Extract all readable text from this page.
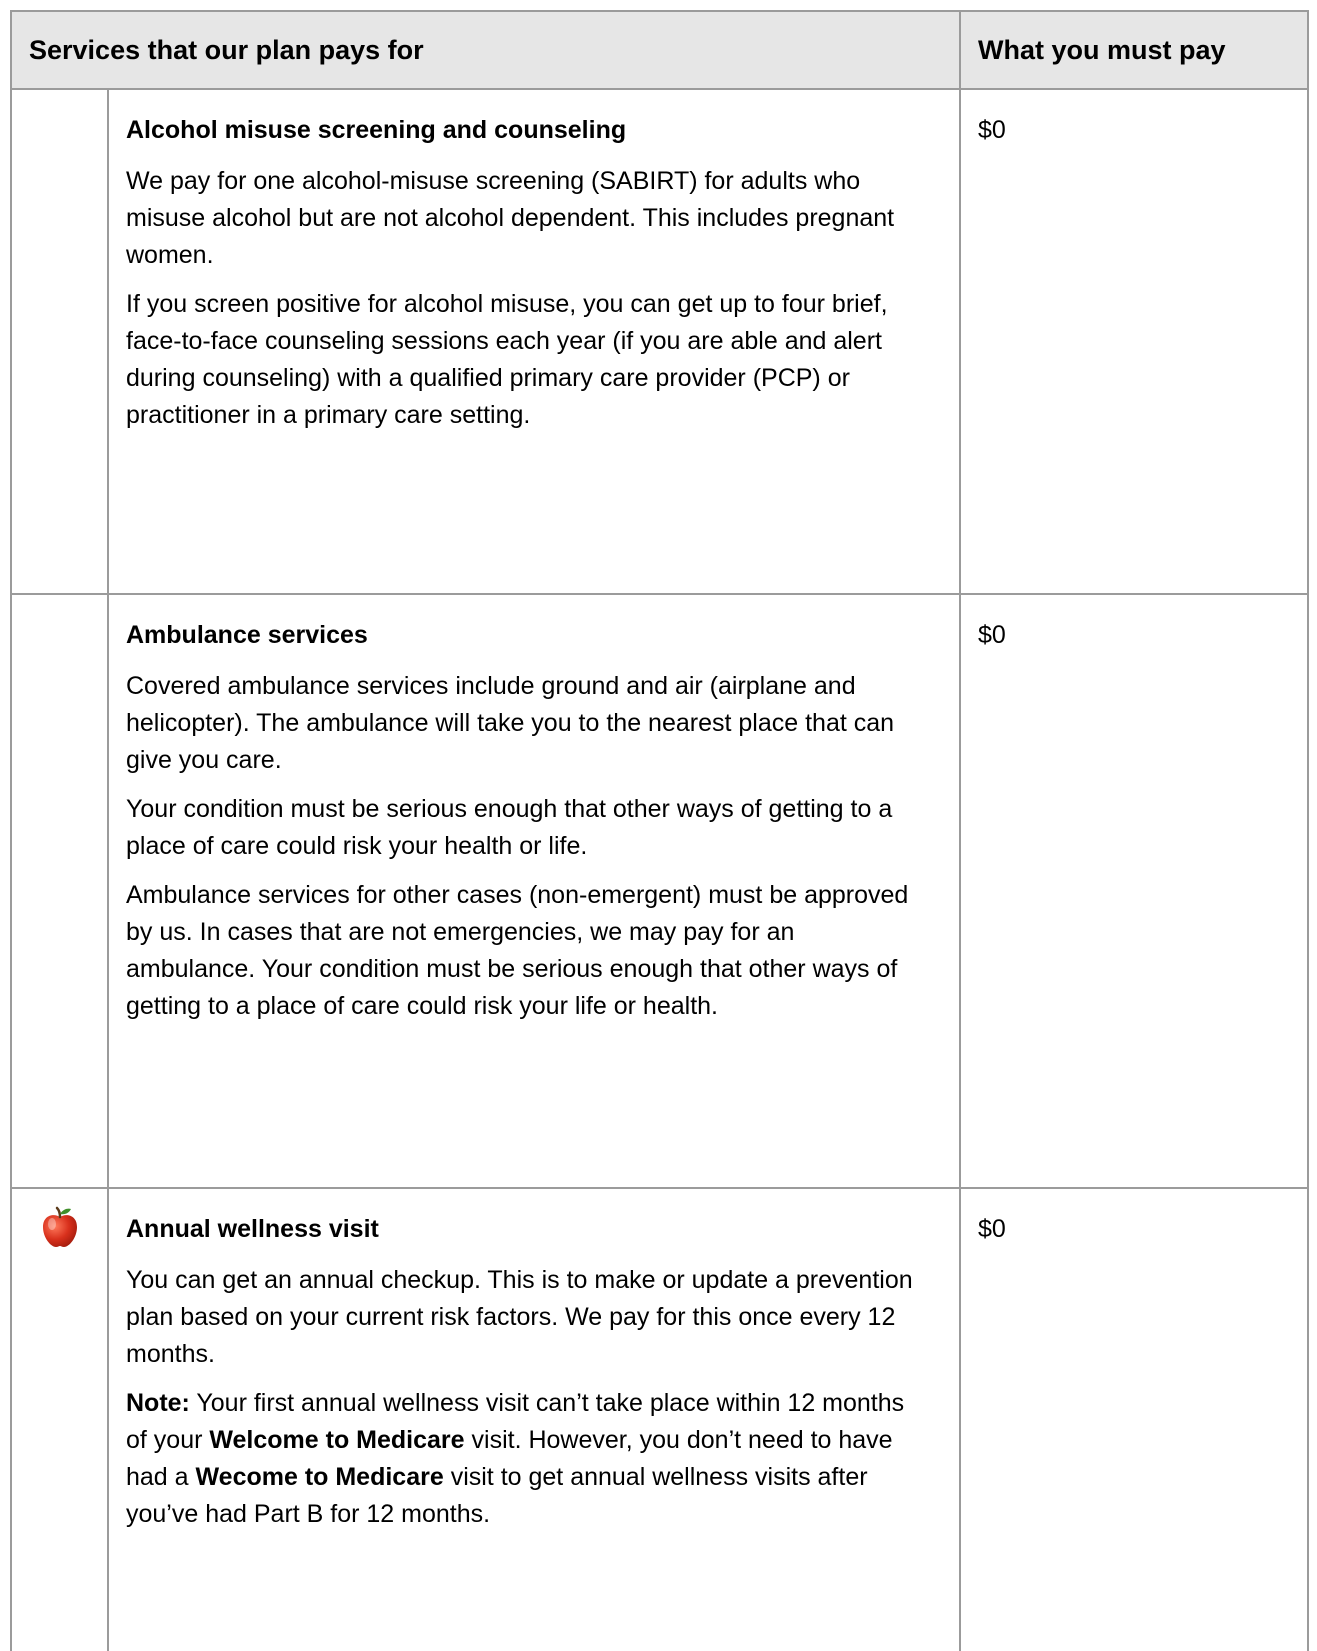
Services that our plan pays for		What you must pay

	Alcohol misuse screening and counseling

We pay for one alcohol-misuse screening (SABIRT) for adults who misuse alcohol but are not alcohol dependent. This includes pregnant women.

If you screen positive for alcohol misuse, you can get up to four brief, face-to-face counseling sessions each year (if you are able and alert during counseling) with a qualified primary care provider (PCP) or practitioner in a primary care setting.	$0

	Ambulance services

Covered ambulance services include ground and air (airplane and helicopter). The ambulance will take you to the nearest place that can give you care.

Your condition must be serious enough that other ways of getting to a place of care could risk your health or life.

Ambulance services for other cases (non-emergent) must be approved by us. In cases that are not emergencies, we may pay for an ambulance. Your condition must be serious enough that other ways of getting to a place of care could risk your life or health.	$0

Annual wellness visit

You can get an annual checkup. This is to make or update a prevention plan based on your current risk factors. We pay for this once every 12 months.

Note: Your first annual wellness visit can’t take place within 12 months of your Welcome to Medicare visit. However, you don’t need to have had a Wecome to Medicare visit to get annual wellness visits after you’ve had Part B for 12 months.	$0
